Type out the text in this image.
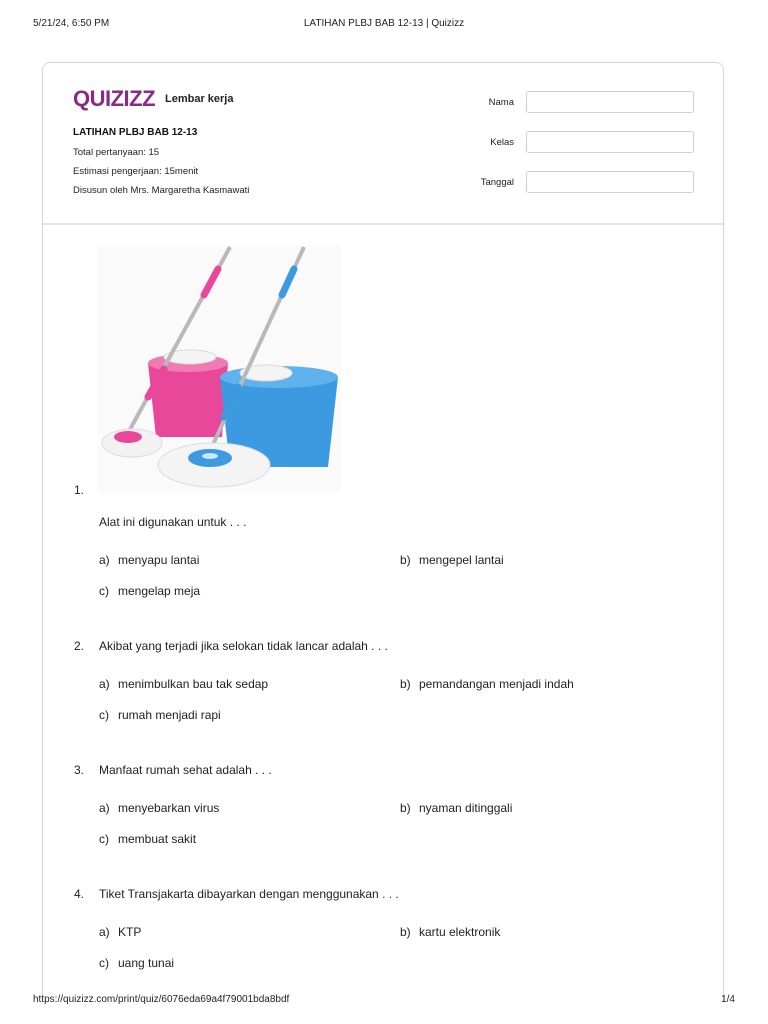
5/21/24, 6:50 PM	LATIHAN PLBJ BAB 12-13 | Quizizz
QUIZIZZ Lembar kerja
LATIHAN PLBJ BAB 12-13
Total pertanyaan: 15
Estimasi pengerjaan: 15menit
Disusun oleh Mrs. Margaretha Kasmawati
Nama
Kelas
Tanggal
1.
Alat ini digunakan untuk . . .
a) menyapu lantai	b) mengepel lantai
c) mengelap meja
2. Akibat yang terjadi jika selokan tidak lancar adalah . . .
a) menimbulkan bau tak sedap	b) pemandangan menjadi indah
c) rumah menjadi rapi
3. Manfaat rumah sehat adalah . . .
a) menyebarkan virus	b) nyaman ditinggali
c) membuat sakit
4. Tiket Transjakarta dibayarkan dengan menggunakan . . .
a) KTP	b) kartu elektronik
c) uang tunai
https://quizizz.com/print/quiz/6076eda69a4f79001bda8bdf	1/4
